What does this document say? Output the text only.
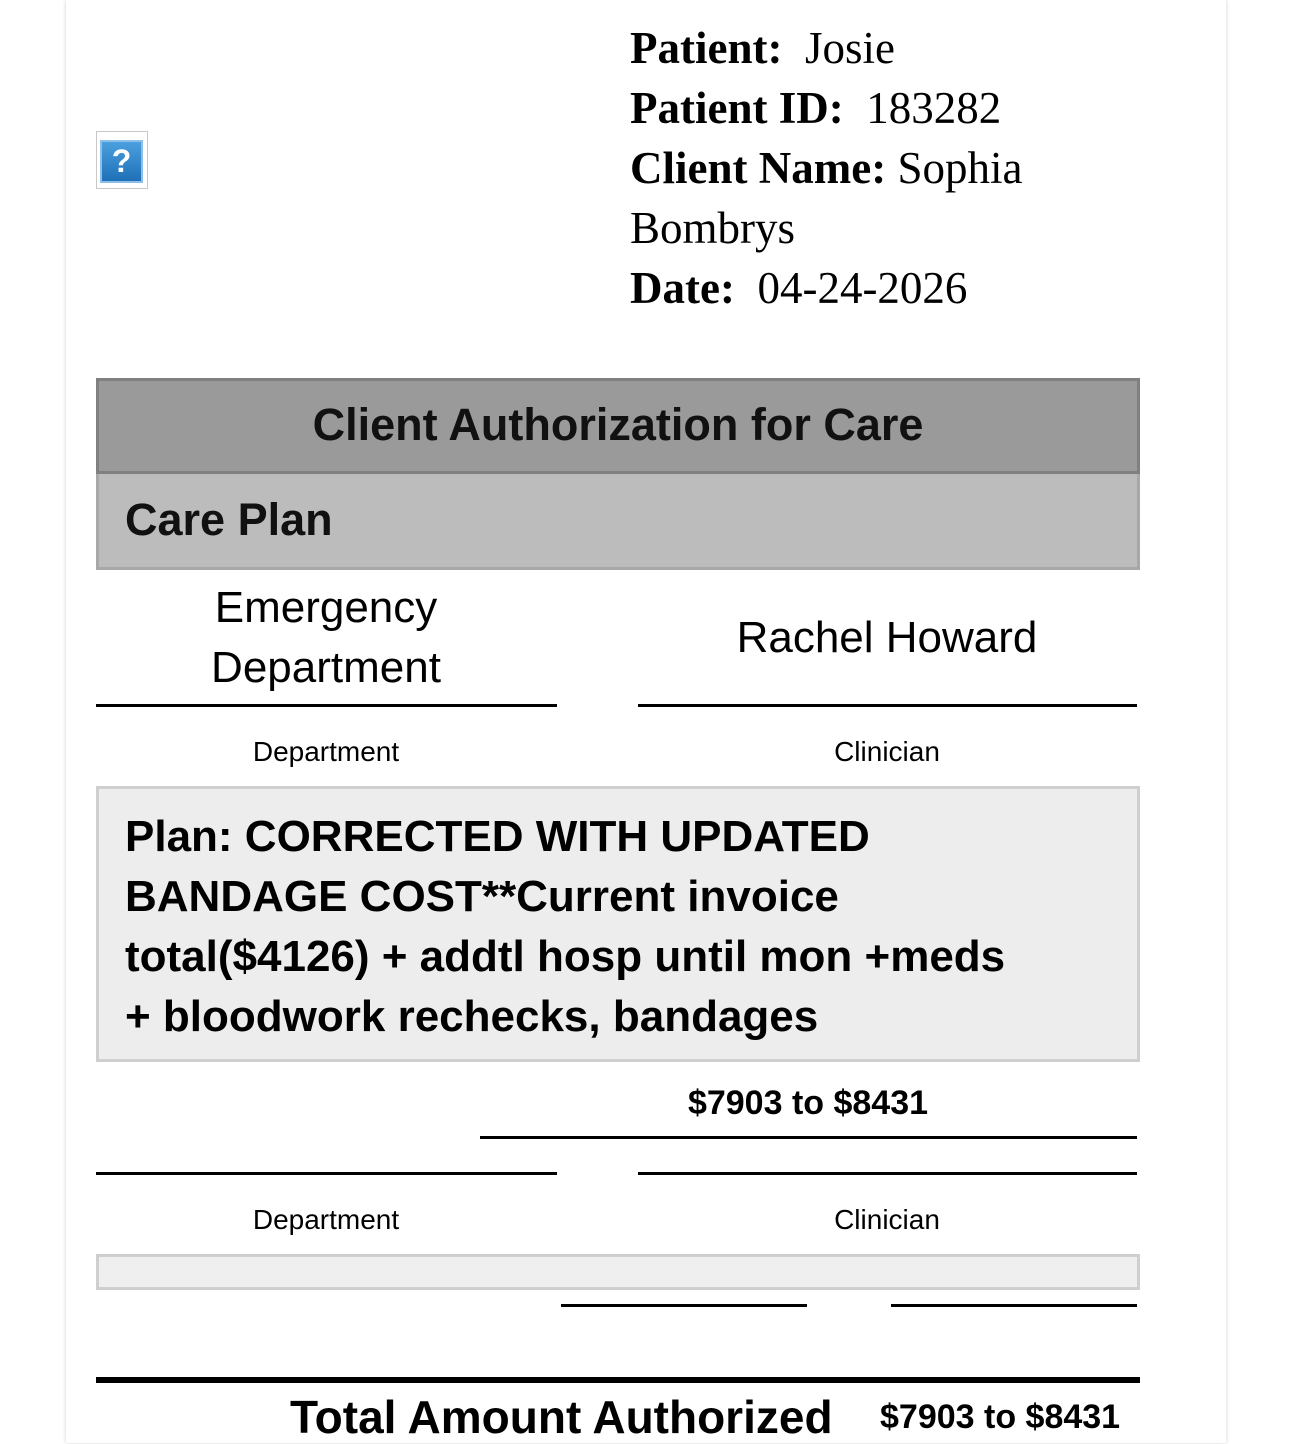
?
Patient: Josie
Patient ID: 183282
Client Name: Sophia
Bombrys
Date: 04-24-2026
Client Authorization for Care
Care Plan
Emergency
Department
Rachel Howard
Department	Clinician
Plan: CORRECTED WITH UPDATED
BANDAGE COST**Current invoice
total($4126) + addtl hosp until mon +meds
+ bloodwork rechecks, bandages
$7903 to $8431
Department	Clinician
Total Amount Authorized $7903 to $8431
